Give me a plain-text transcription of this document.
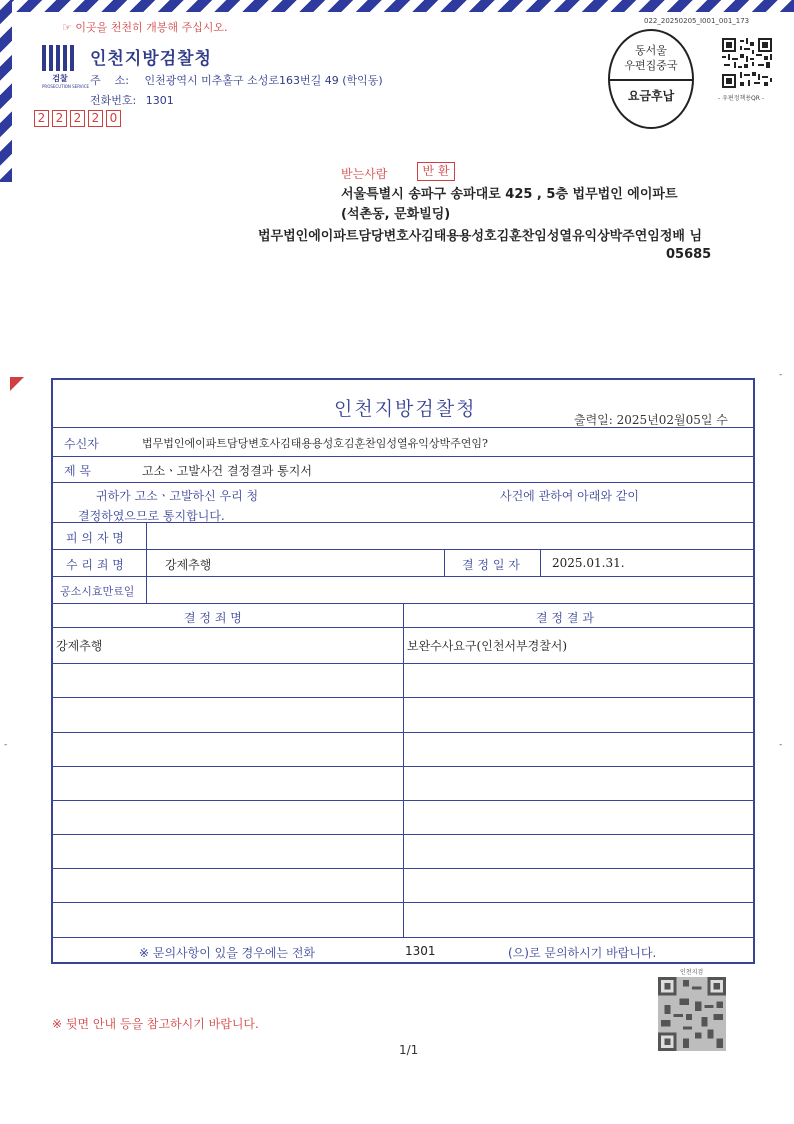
☞ 이곳을 천천히 개봉해 주십시오.
검찰
PROSECUTION SERVICE
인천지방검찰청
주    소: 인천광역시 미추홀구 소성로163번길 49 (학익동)
전화번호: 1301
2 2 2 2 0
022_20250205_I001_001_173
동서울
우편집중국
요금후납	- 우편정책용QR -
받는사람	반 환
서울특별시 송파구 송파대로 425 , 5층 법무법인 에이파트 (석촌동, 문화빌딩)
법무법인에이파트담당변호사김태용용성호김훈찬임성열유익상박주연임정배 님
05685
-
-
-
인천지방검찰청	출력일: 2025년02월05일 수
수신자	법무법인에이파트담당변호사김태용용성호김훈찬임성열유익상박주연임?
제 목	고소ㆍ고발사건 결정결과 통지서
귀하가 고소ㆍ고발하신 우리 청	사건에 관하여 아래와 같이
결정하였으므로 통지합니다.
피 의 자 명
수 리 죄 명	강제추행	결 정 일 자	2025.01.31.
공소시효만료일
결 정 죄 명	결 정 결 과
강제추행	보완수사요구(인천서부경찰서)
※ 문의사항이 있을 경우에는 전화	1301	(으)로 문의하시기 바랍니다.
인천지검
※ 뒷면 안내 등을 참고하시기 바랍니다.
1/1
